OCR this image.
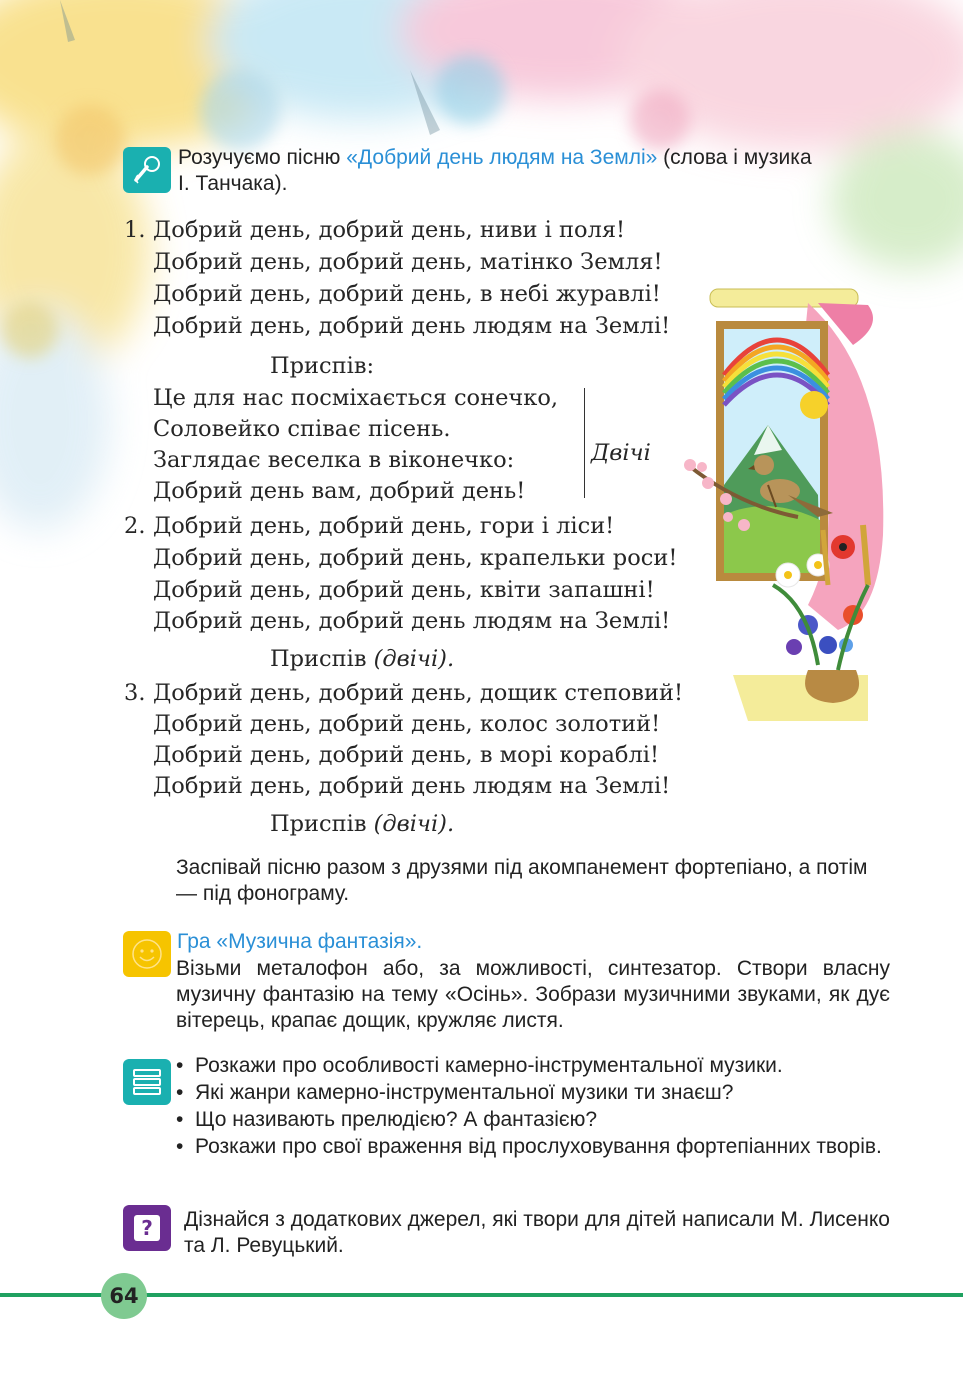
Розучуємо пісню «Добрий день людям на Землі» (слова і музика
І. Танчака).
1. Добрий день, добрий день, ниви і поля!
Добрий день, добрий день, матінко Земля!
Добрий день, добрий день, в небі журавлі!
Добрий день, добрий день людям на Землі!
Приспів:
Це для нас посміхається сонечко,
Соловейко співає пісень.
Заглядає веселка в віконечко:
Добрий день вам, добрий день!
Двічі
2. Добрий день, добрий день, гори і ліси!
Добрий день, добрий день, крапельки роси!
Добрий день, добрий день, квіти запашні!
Добрий день, добрий день людям на Землі!
Приспів (двічі).
3. Добрий день, добрий день, дощик степовий!
Добрий день, добрий день, колос золотий!
Добрий день, добрий день, в морі кораблі!
Добрий день, добрий день людям на Землі!
Приспів (двічі).
Заспівай пісню разом з друзями під акомпанемент фортепіано, а потім — під фонограму.
Гра «Музична фантазія».
Візьми металофон або, за можливості, синтезатор. Створи власну музичну фантазію на тему «Осінь». Зобрази музичними звуками, як дує вітерець, крапає дощик, кружляє листя.
• Розкажи про особливості камерно-інструментальної музики.
• Які жанри камерно-інструментальної музики ти знаєш?
• Що називають прелюдією? А фантазією?
• Розкажи про свої враження від прослуховування фортепіанних творів.
?	Дізнайся з додаткових джерел, які твори для дітей написали М. Лисенко та Л. Ревуцький.
64
